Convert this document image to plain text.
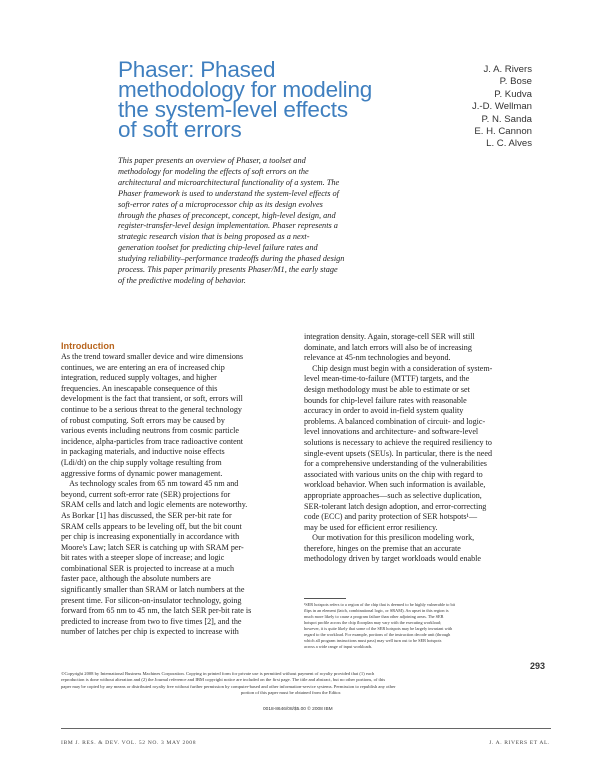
Phaser: Phased
methodology for modeling
the system-level effects
of soft errors
J. A. Rivers
P. Bose
P. Kudva
J.-D. Wellman
P. N. Sanda
E. H. Cannon
L. C. Alves
This paper presents an overview of Phaser, a toolset and
methodology for modeling the effects of soft errors on the
architectural and microarchitectural functionality of a system. The
Phaser framework is used to understand the system-level effects of
soft-error rates of a microprocessor chip as its design evolves
through the phases of preconcept, concept, high-level design, and
register-transfer-level design implementation. Phaser represents a
strategic research vision that is being proposed as a next-
generation toolset for predicting chip-level failure rates and
studying reliability–performance tradeoffs during the phased design
process. This paper primarily presents Phaser/M1, the early stage
of the predictive modeling of behavior.
Introduction
As the trend toward smaller device and wire dimensions
continues, we are entering an era of increased chip
integration, reduced supply voltages, and higher
frequencies. An inescapable consequence of this
development is the fact that transient, or soft, errors will
continue to be a serious threat to the general technology
of robust computing. Soft errors may be caused by
various events including neutrons from cosmic particle
incidence, alpha-particles from trace radioactive content
in packaging materials, and inductive noise effects
(Ldi/dt) on the chip supply voltage resulting from
aggressive forms of dynamic power management.
 As technology scales from 65 nm toward 45 nm and
beyond, current soft-error rate (SER) projections for
SRAM cells and latch and logic elements are noteworthy.
As Borkar [1] has discussed, the SER per-bit rate for
SRAM cells appears to be leveling off, but the bit count
per chip is increasing exponentially in accordance with
Moore's Law; latch SER is catching up with SRAM per-
bit rates with a steeper slope of increase; and logic
combinational SER is projected to increase at a much
faster pace, although the absolute numbers are
significantly smaller than SRAM or latch numbers at the
present time. For silicon-on-insulator technology, going
forward from 65 nm to 45 nm, the latch SER per-bit rate is
predicted to increase from two to five times [2], and the
number of latches per chip is expected to increase with
integration density. Again, storage-cell SER will still
dominate, and latch errors will also be of increasing
relevance at 45-nm technologies and beyond.
 Chip design must begin with a consideration of system-
level mean-time-to-failure (MTTF) targets, and the
design methodology must be able to estimate or set
bounds for chip-level failure rates with reasonable
accuracy in order to avoid in-field system quality
problems. A balanced combination of circuit- and logic-
level innovations and architecture- and software-level
solutions is necessary to achieve the required resiliency to
single-event upsets (SEUs). In particular, there is the need
for a comprehensive understanding of the vulnerabilities
associated with various units on the chip with regard to
workload behavior. When such information is available,
appropriate approaches—such as selective duplication,
SER-tolerant latch design adoption, and error-correcting
code (ECC) and parity protection of SER hotspots¹—
may be used for efficient error resiliency.
 Our motivation for this presilicon modeling work,
therefore, hinges on the premise that an accurate
methodology driven by target workloads would enable
¹SER hotspots refers to a region of the chip that is deemed to be highly vulnerable to bit
flips in an element (latch, combinational logic, or SRAM). An upset in this region is
much more likely to cause a program failure than other adjoining areas. The SER
hotspot profile across the chip floorplan may vary with the executing workload;
however, it is quite likely that some of the SER hotspots may be largely invariant with
regard to the workload. For example, portions of the instruction decode unit (through
which all program instructions must pass) may well turn out to be SER hotspots
across a wide range of input workloads.
©Copyright 2008 by International Business Machines Corporation. Copying in printed form for private use is permitted without payment of royalty provided that (1) each
reproduction is done without alteration and (2) the Journal reference and IBM copyright notice are included on the first page. The title and abstract, but no other portions, of this
paper may be copied by any means or distributed royalty free without further permission by computer-based and other information-service systems. Permission to republish any other
portion of this paper must be obtained from the Editor.
293
0018-8646/08/$5.00 © 2008 IBM
IBM J. RES. & DEV. VOL. 52 NO. 3 MAY 2008	J. A. RIVERS ET AL.
